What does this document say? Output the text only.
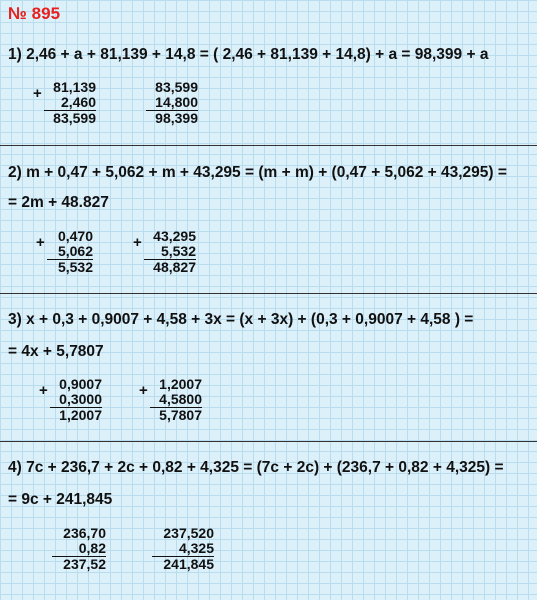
№ 895
1) 2,46 + a + 81,139 + 14,8 = ( 2,46 + 81,139 + 14,8) + a = 98,399 + a
+ 81,139
2,460
83,599
83,599
14,800
98,399
2) m + 0,47 + 5,062 + m + 43,295 = (m + m) + (0,47 + 5,062 + 43,295) =
= 2m + 48.827
+ 0,470
5,062
5,532
+ 43,295
5,532
48,827
3) x + 0,3 + 0,9007 + 4,58 + 3x = (x + 3x) + (0,3 + 0,9007 + 4,58 ) =
= 4x + 5,7807
+ 0,9007
0,3000
1,2007
+ 1,2007
4,5800
5,7807
4) 7c + 236,7 + 2c + 0,82 + 4,325 = (7c + 2c) + (236,7 + 0,82 + 4,325) =
= 9c + 241,845
236,70
0,82
237,52
237,520
4,325
241,845
